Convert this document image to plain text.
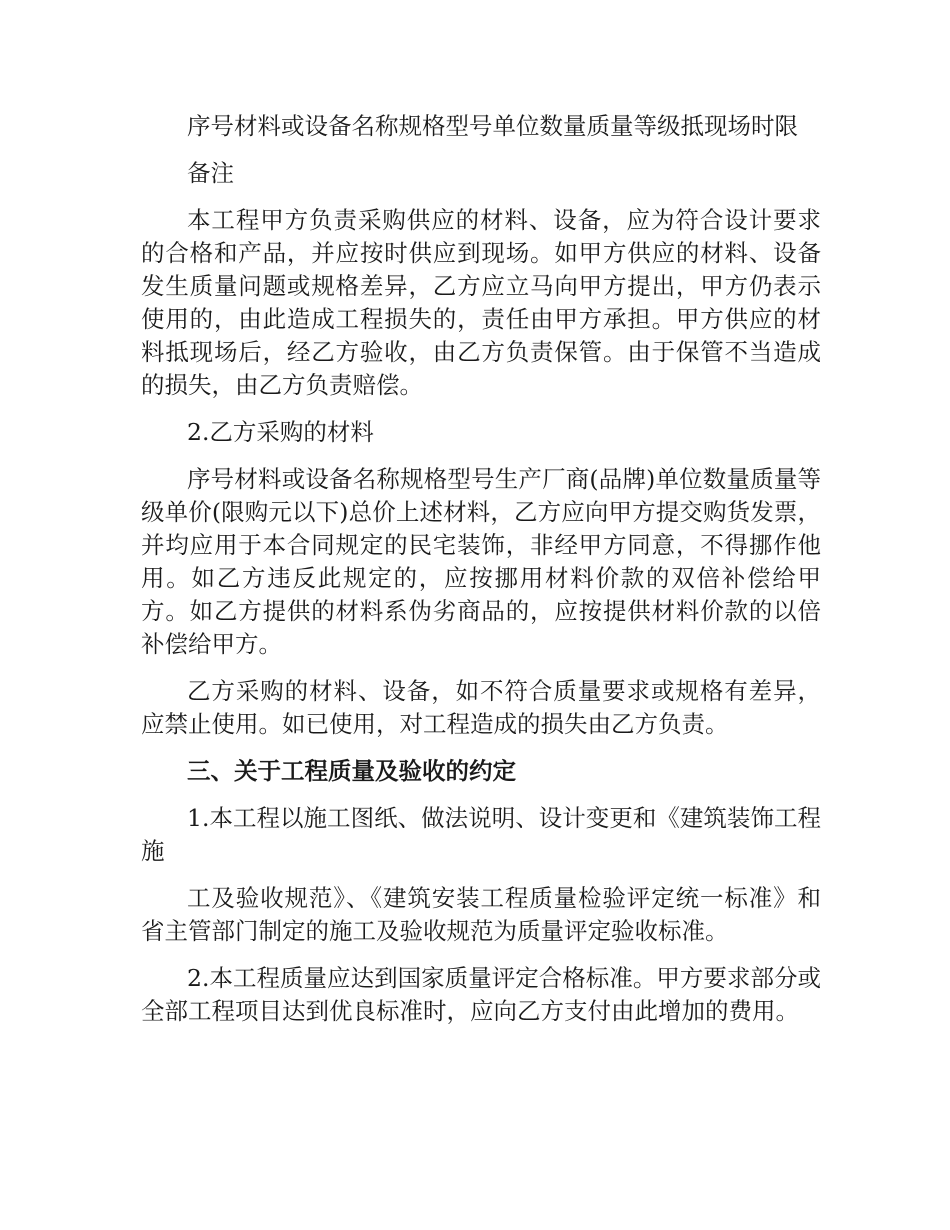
序号材料或设备名称规格型号单位数量质量等级抵现场时限

备注

本工程甲方负责采购供应的材料、设备，应为符合设计要求的合格和产品，并应按时供应到现场。如甲方供应的材料、设备发生质量问题或规格差异，乙方应立马向甲方提出，甲方仍表示使用的，由此造成工程损失的，责任由甲方承担。甲方供应的材料抵现场后，经乙方验收，由乙方负责保管。由于保管不当造成的损失，由乙方负责赔偿。

2.乙方采购的材料

序号材料或设备名称规格型号生产厂商(品牌)单位数量质量等级单价(限购元以下)总价上述材料，乙方应向甲方提交购货发票，并均应用于本合同规定的民宅装饰，非经甲方同意，不得挪作他用。如乙方违反此规定的，应按挪用材料价款的双倍补偿给甲方。如乙方提供的材料系伪劣商品的，应按提供材料价款的以倍补偿给甲方。

乙方采购的材料、设备，如不符合质量要求或规格有差异，应禁止使用。如已使用，对工程造成的损失由乙方负责。

三、关于工程质量及验收的约定

1.本工程以施工图纸、做法说明、设计变更和《建筑装饰工程施

工及验收规范》、《建筑安装工程质量检验评定统一标准》和省主管部门制定的施工及验收规范为质量评定验收标准。

2.本工程质量应达到国家质量评定合格标准。甲方要求部分或全部工程项目达到优良标准时，应向乙方支付由此增加的费用。
